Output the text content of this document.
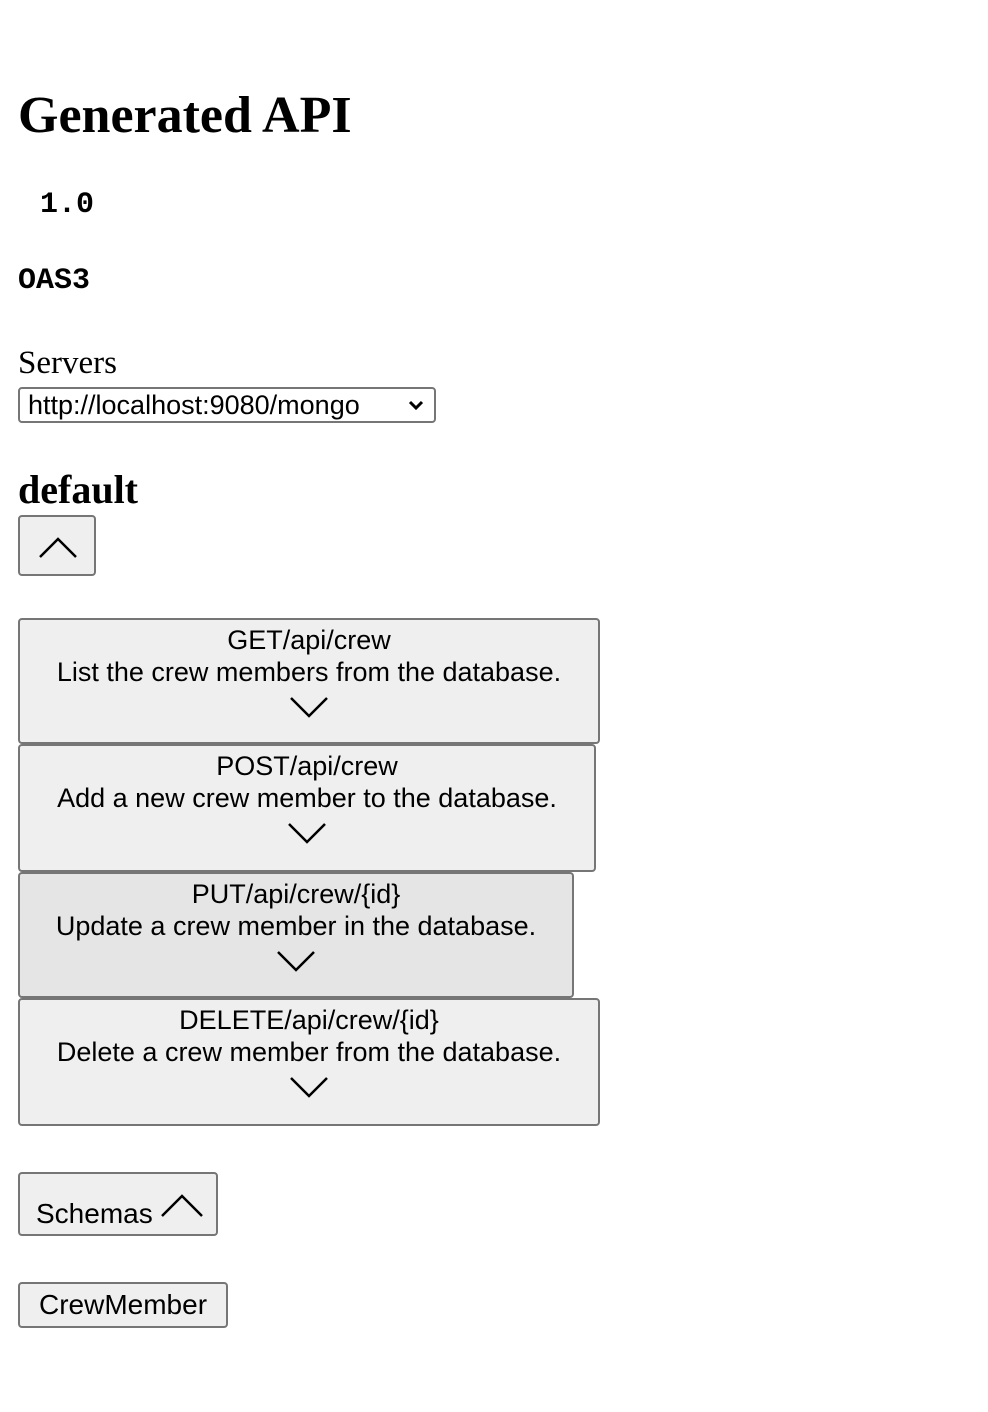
Generated API
1.0
OAS3
Servers
http://localhost:9080/mongo
default
GET/api/crew
List the crew members from the database.
POST/api/crew
Add a new crew member to the database.
PUT/api/crew/{id}
Update a crew member in the database.
DELETE/api/crew/{id}
Delete a crew member from the database.
Schemas
CrewMember
